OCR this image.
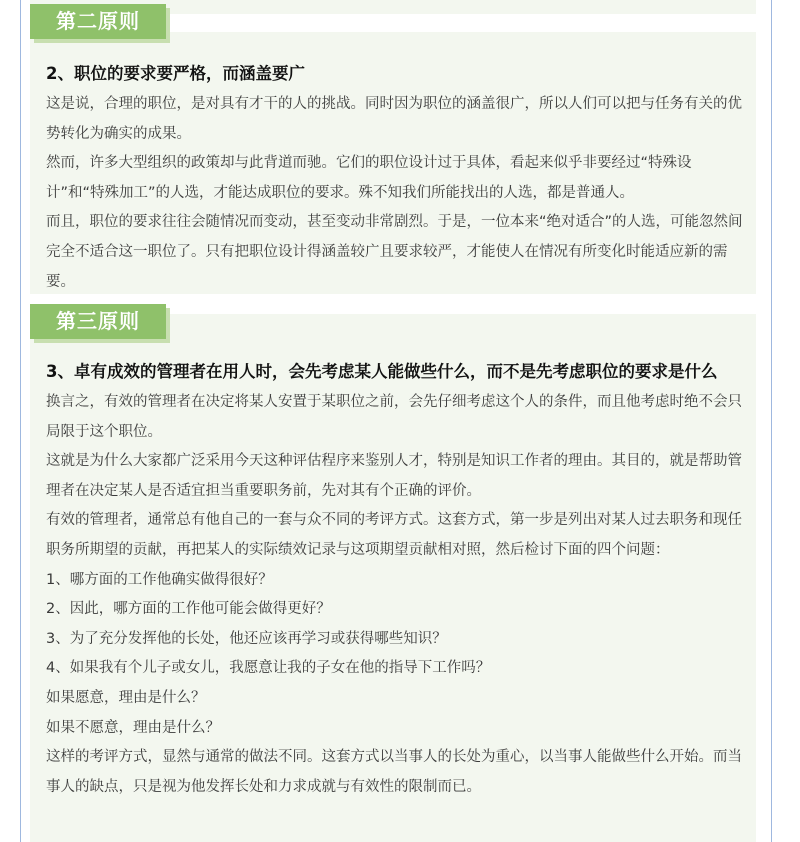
第二原则

2、职位的要求要严格，而涵盖要广

这是说，合理的职位，是对具有才干的人的挑战。同时因为职位的涵盖很广，所以人们可以把与任务有关的优势转化为确实的成果。

然而，许多大型组织的政策却与此背道而驰。它们的职位设计过于具体，看起来似乎非要经过“特殊设计”和“特殊加工”的人选，才能达成职位的要求。殊不知我们所能找出的人选，都是普通人。

而且，职位的要求往往会随情况而变动，甚至变动非常剧烈。于是，一位本来“绝对适合”的人选，可能忽然间完全不适合这一职位了。只有把职位设计得涵盖较广且要求较严，才能使人在情况有所变化时能适应新的需要。

第三原则

3、卓有成效的管理者在用人时，会先考虑某人能做些什么，而不是先考虑职位的要求是什么

换言之，有效的管理者在决定将某人安置于某职位之前，会先仔细考虑这个人的条件，而且他考虑时绝不会只局限于这个职位。

这就是为什么大家都广泛采用今天这种评估程序来鉴别人才，特别是知识工作者的理由。其目的，就是帮助管理者在决定某人是否适宜担当重要职务前，先对其有个正确的评价。

有效的管理者，通常总有他自己的一套与众不同的考评方式。这套方式，第一步是列出对某人过去职务和现任职务所期望的贡献，再把某人的实际绩效记录与这项期望贡献相对照，然后检讨下面的四个问题：

1、哪方面的工作他确实做得很好？

2、因此，哪方面的工作他可能会做得更好？

3、为了充分发挥他的长处，他还应该再学习或获得哪些知识？

4、如果我有个儿子或女儿，我愿意让我的子女在他的指导下工作吗？

如果愿意，理由是什么？

如果不愿意，理由是什么？

这样的考评方式，显然与通常的做法不同。这套方式以当事人的长处为重心，以当事人能做些什么开始。而当事人的缺点，只是视为他发挥长处和力求成就与有效性的限制而已。
